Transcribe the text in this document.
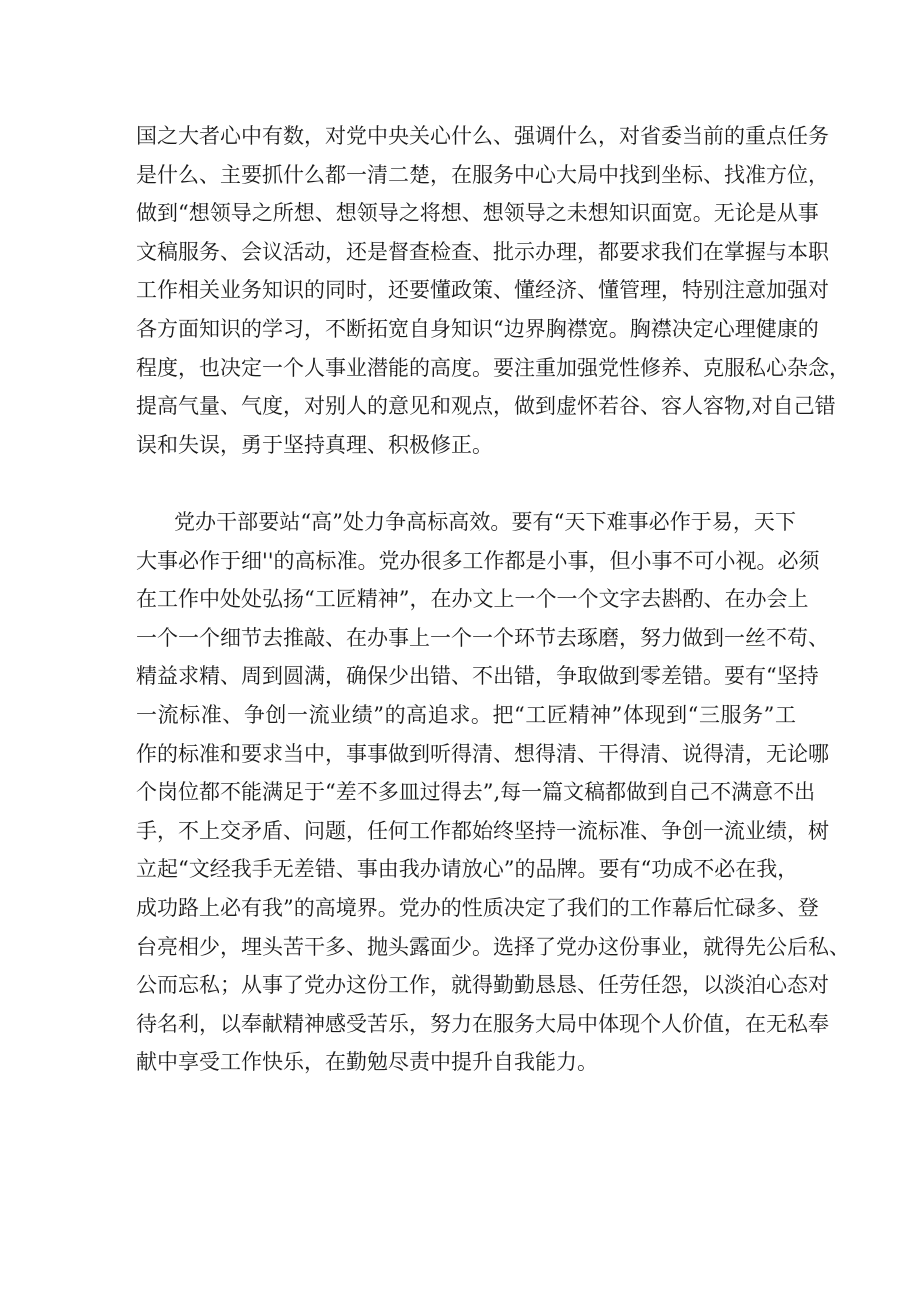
国之大者心中有数，对党中央关心什么、强调什么，对省委当前的重点任务
是什么、主要抓什么都一清二楚，在服务中心大局中找到坐标、找准方位，
做到“想领导之所想、想领导之将想、想领导之未想知识面宽。无论是从事
文稿服务、会议活动，还是督查检查、批示办理，都要求我们在掌握与本职
工作相关业务知识的同时，还要懂政策、懂经济、懂管理，特别注意加强对
各方面知识的学习，不断拓宽自身知识“边界胸襟宽。胸襟决定心理健康的
程度，也决定一个人事业潜能的高度。要注重加强党性修养、克服私心杂念，
提高气量、气度，对别人的意见和观点，做到虚怀若谷、容人容物,对自己错
误和失误，勇于坚持真理、积极修正。
党办干部要站“高”处力争高标高效。要有“天下难事必作于易，天下
大事必作于细''的高标准。党办很多工作都是小事，但小事不可小视。必须
在工作中处处弘扬“工匠精神”，在办文上一个一个文字去斟酌、在办会上
一个一个细节去推敲、在办事上一个一个环节去琢磨，努力做到一丝不苟、
精益求精、周到圆满，确保少出错、不出错，争取做到零差错。要有“坚持
一流标准、争创一流业绩”的高追求。把“工匠精神”体现到“三服务”工
作的标准和要求当中，事事做到听得清、想得清、干得清、说得清，无论哪
个岗位都不能满足于“差不多皿过得去”,每一篇文稿都做到自己不满意不出
手，不上交矛盾、问题，任何工作都始终坚持一流标准、争创一流业绩，树
立起“文经我手无差错、事由我办请放心”的品牌。要有“功成不必在我，
成功路上必有我”的高境界。党办的性质决定了我们的工作幕后忙碌多、登
台亮相少，埋头苦干多、抛头露面少。选择了党办这份事业，就得先公后私、
公而忘私；从事了党办这份工作，就得勤勤恳恳、任劳任怨，以淡泊心态对
待名利，以奉献精神感受苦乐，努力在服务大局中体现个人价值，在无私奉
献中享受工作快乐，在勤勉尽责中提升自我能力。
